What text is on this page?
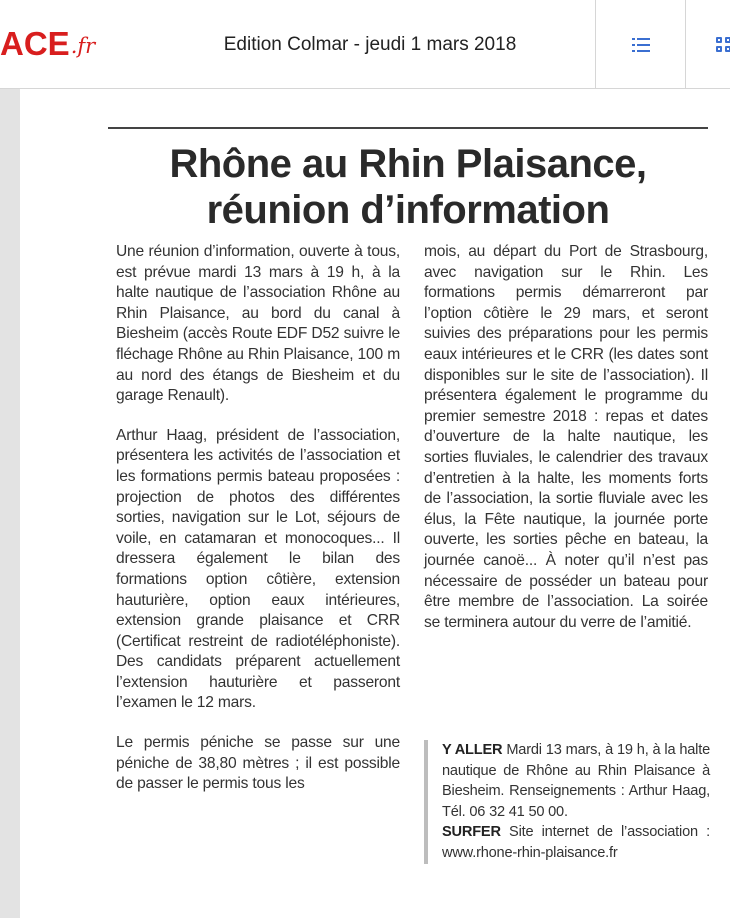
ACE .fr	Edition Colmar - jeudi 1 mars 2018
Rhône au Rhin Plaisance,
réunion d’information

Une réunion d’information, ouverte à tous, est prévue mardi 13 mars à 19 h, à la halte nautique de l’association Rhône au Rhin Plaisance, au bord du canal à Biesheim (accès Route EDF D52 suivre le fléchage Rhône au Rhin Plaisance, 100 m au nord des étangs de Biesheim et du garage Renault).

Arthur Haag, président de l’association, présentera les activités de l’association et les formations permis bateau proposées : projection de photos des différentes sorties, navigation sur le Lot, séjours de voile, en catamaran et monocoques... Il dressera également le bilan des formations option côtière, extension hauturière, option eaux intérieures, extension grande plaisance et CRR (Certificat restreint de radiotéléphoniste). Des candidats préparent actuellement l’extension hauturière et passeront l’examen le 12 mars.

Le permis péniche se passe sur une péniche de 38,80 mètres ; il est possible de passer le permis tous les

mois, au départ du Port de Strasbourg, avec navigation sur le Rhin. Les formations permis démarreront par l’option côtière le 29 mars, et seront suivies des préparations pour les permis eaux intérieures et le CRR (les dates sont disponibles sur le site de l’association). Il présentera également le programme du premier semestre 2018 : repas et dates d’ouverture de la halte nautique, les sorties fluviales, le calendrier des travaux d’entretien à la halte, les moments forts de l’association, la sortie fluviale avec les élus, la Fête nautique, la journée porte ouverte, les sorties pêche en bateau, la journée canoë... À noter qu’il n’est pas nécessaire de posséder un bateau pour être membre de l’association. La soirée se terminera autour du verre de l’amitié.

Y ALLER Mardi 13 mars, à 19 h, à la halte nautique de Rhône au Rhin Plaisance à Biesheim. Renseignements : Arthur Haag, Tél. 06 32 41 50 00.

SURFER Site internet de l’association : www.rhone-rhin-plaisance.fr
